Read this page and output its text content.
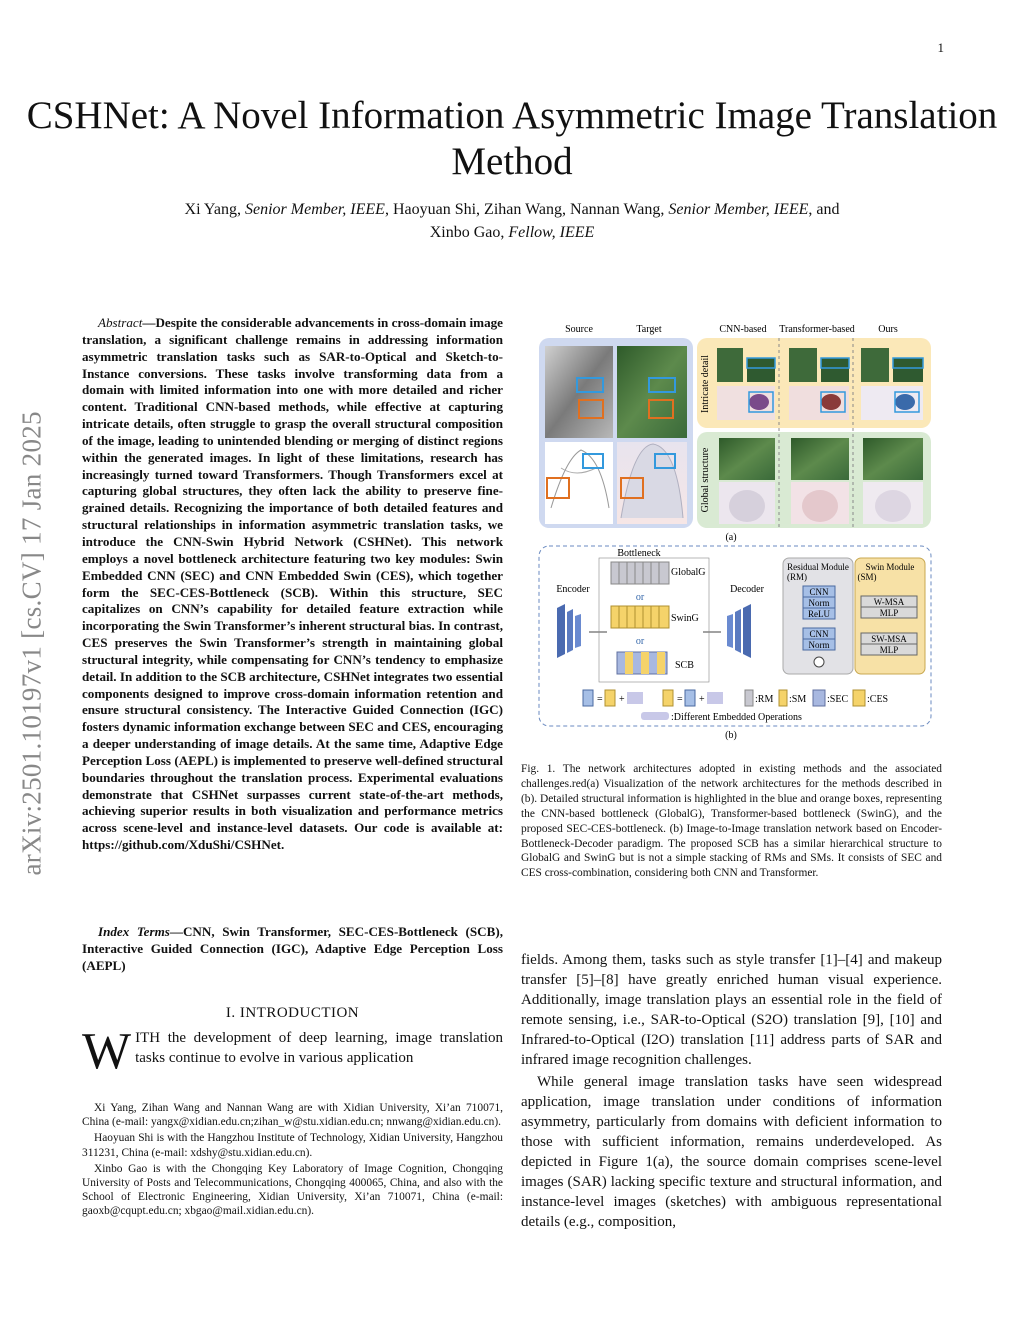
1
arXiv:2501.10197v1 [cs.CV] 17 Jan 2025
CSHNet: A Novel Information Asymmetric Image Translation Method
Xi Yang, Senior Member, IEEE, Haoyuan Shi, Zihan Wang, Nannan Wang, Senior Member, IEEE, and
Xinbo Gao, Fellow, IEEE
Abstract—Despite the considerable advancements in cross-domain image translation, a significant challenge remains in addressing information asymmetric translation tasks such as SAR-to-Optical and Sketch-to-Instance conversions. These tasks involve transforming data from a domain with limited information into one with more detailed and richer content. Traditional CNN-based methods, while effective at capturing intricate details, often struggle to grasp the overall structural composition of the image, leading to unintended blending or merging of distinct regions within the generated images. In light of these limitations, research has increasingly turned toward Transformers. Though Transformers excel at capturing global structures, they often lack the ability to preserve fine-grained details. Recognizing the importance of both detailed features and structural relationships in information asymmetric translation tasks, we introduce the CNN-Swin Hybrid Network (CSHNet). This network employs a novel bottleneck architecture featuring two key modules: Swin Embedded CNN (SEC) and CNN Embedded Swin (CES), which together form the SEC-CES-Bottleneck (SCB). Within this structure, SEC capitalizes on CNN’s capability for detailed feature extraction while incorporating the Swin Transformer’s inherent structural bias. In contrast, CES preserves the Swin Transformer’s strength in maintaining global structural integrity, while compensating for CNN’s tendency to emphasize detail. In addition to the SCB architecture, CSHNet integrates two essential components designed to improve cross-domain information retention and ensure structural consistency. The Interactive Guided Connection (IGC) fosters dynamic information exchange between SEC and CES, encouraging a deeper understanding of image details. At the same time, Adaptive Edge Perception Loss (AEPL) is implemented to preserve well-defined structural boundaries throughout the translation process. Experimental evaluations demonstrate that CSHNet surpasses current state-of-the-art methods, achieving superior results in both visualization and performance metrics across scene-level and instance-level datasets. Our code is available at: https://github.com/XduShi/CSHNet.
Index Terms—CNN, Swin Transformer, SEC-CES-Bottleneck (SCB), Interactive Guided Connection (IGC), Adaptive Edge Perception Loss (AEPL)
I. INTRODUCTION
WITH the development of deep learning, image translation tasks continue to evolve in various application

Xi Yang, Zihan Wang and Nannan Wang are with Xidian University, Xi’an 710071, China (e-mail: yangx@xidian.edu.cn;zihan_w@stu.xidian.edu.cn; nnwang@xidian.edu.cn).

Haoyuan Shi is with the Hangzhou Institute of Technology, Xidian University, Hangzhou 311231, China (e-mail: xdshy@stu.xidian.edu.cn).

Xinbo Gao is with the Chongqing Key Laboratory of Image Cognition, Chongqing University of Posts and Telecommunications, Chongqing 400065, China, and also with the School of Electronic Engineering, Xidian University, Xi’an 710071, China (e-mail: gaoxb@cqupt.edu.cn; xbgao@mail.xidian.edu.cn).

Source	Target	CNN-based Transformer-based Ours
Intricate detail
Global structure
(a)
Encoder
Bottleneck
GlobalG
or
SwinG
or
SCB
Decoder
Residual Module
(RM)
CNN
Norm
ReLU
CNN
Norm
Swin Module
(SM)
W-MSA
MLP
SW-MSA
MLP
= +	= +	:RM :SM :SEC :CES
:Different Embedded Operations
(b)
Fig. 1. The network architectures adopted in existing methods and the associated challenges.red(a) Visualization of the network architectures for the methods described in (b). Detailed structural information is highlighted in the blue and orange boxes, representing the CNN-based bottleneck (GlobalG), Transformer-based bottleneck (SwinG), and the proposed SEC-CES-bottleneck. (b) Image-to-Image translation network based on Encoder-Bottleneck-Decoder paradigm. The proposed SCB has a similar hierarchical structure to GlobalG and SwinG but is not a simple stacking of RMs and SMs. It consists of SEC and CES cross-combination, considering both CNN and Transformer.

fields. Among them, tasks such as style transfer [1]–[4] and makeup transfer [5]–[8] have greatly enriched human visual experience. Additionally, image translation plays an essential role in the field of remote sensing, i.e., SAR-to-Optical (S2O) translation [9], [10] and Infrared-to-Optical (I2O) translation [11] address parts of SAR and infrared image recognition challenges.

While general image translation tasks have seen widespread application, image translation under conditions of information asymmetry, particularly from domains with deficient information to those with sufficient information, remains underdeveloped. As depicted in Figure 1(a), the source domain comprises scene-level images (SAR) lacking specific texture and structural information, and instance-level images (sketches) with ambiguous representational details (e.g., composition,
